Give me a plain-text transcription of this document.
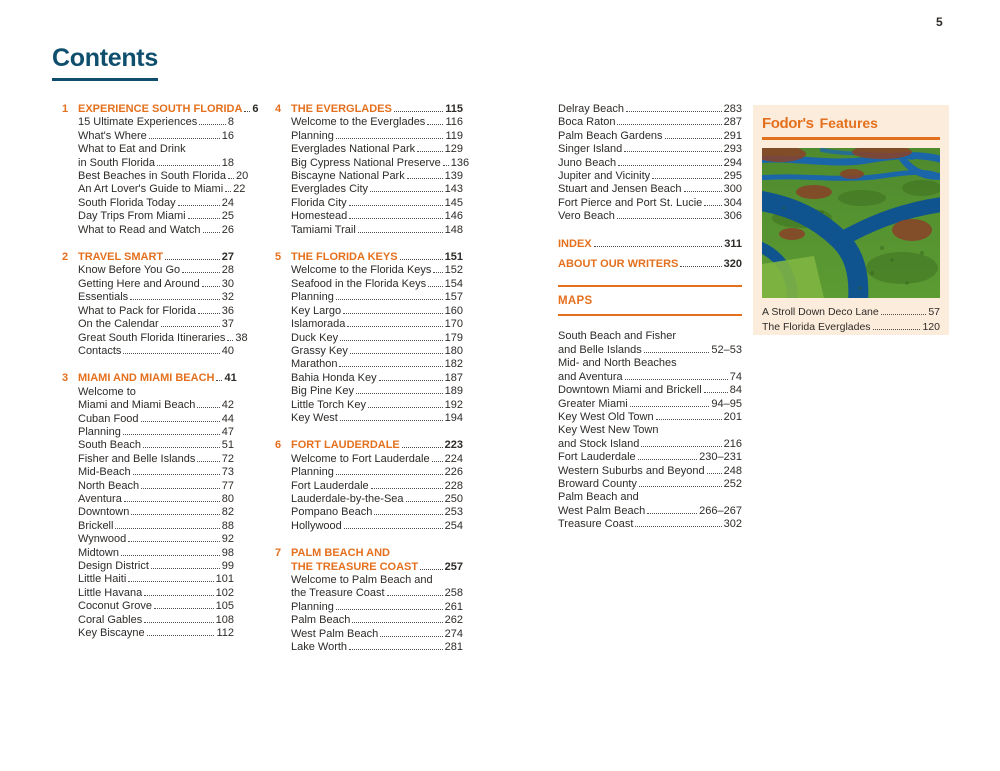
5
Contents
1 EXPERIENCE SOUTH FLORIDA 6
15 Ultimate Experiences	8
What's Where	16
What to Eat and Drink
in South Florida	18
Best Beaches in South Florida 20
An Art Lover's Guide to Miami 22
South Florida Today	24
Day Trips From Miami	25
What to Read and Watch 26
2 TRAVEL SMART	27
Know Before You Go	28
Getting Here and Around 30
Essentials	32
What to Pack for Florida 36
On the Calendar	37
Great South Florida Itineraries 38
Contacts	40
3 MIAMI AND MIAMI BEACH 41
Welcome to
Miami and Miami Beach 42
Cuban Food	44
Planning	47
South Beach	51
Fisher and Belle Islands 72
Mid-Beach	73
North Beach	77
Aventura	80
Downtown	82
Brickell	88
Wynwood	92
Midtown	98
Design District	99
Little Haiti	101
Little Havana	102
Coconut Grove	105
Coral Gables	108
Key Biscayne	112
4 THE EVERGLADES	115
Welcome to the Everglades 116
Planning	119
Everglades National Park	129
Big Cypress National Preserve 136
Biscayne National Park	139
Everglades City	143
Florida City	145
Homestead	146
Tamiami Trail	148
5 THE FLORIDA KEYS	151
Welcome to the Florida Keys 152
Seafood in the Florida Keys 154
Planning	157
Key Largo	160
Islamorada	170
Duck Key	179
Grassy Key	180
Marathon	182
Bahia Honda Key	187
Big Pine Key	189
Little Torch Key	192
Key West	194
6 FORT LAUDERDALE	223
Welcome to Fort Lauderdale 224
Planning	226
Fort Lauderdale	228
Lauderdale-by-the-Sea	250
Pompano Beach	253
Hollywood	254
7 PALM BEACH AND
THE TREASURE COAST 257
Welcome to Palm Beach and
the Treasure Coast	258
Planning	261
Palm Beach	262
West Palm Beach	274
Lake Worth	281
Delray Beach	283
Boca Raton	287
Palm Beach Gardens	291
Singer Island	293
Juno Beach	294
Jupiter and Vicinity	295
Stuart and Jensen Beach	300
Fort Pierce and Port St. Lucie 304
Vero Beach	306
INDEX	311
ABOUT OUR WRITERS	320
MAPS
South Beach and Fisher
and Belle Islands	52–53
Mid- and North Beaches
and Aventura	74
Downtown Miami and Brickell	84
Greater Miami	94–95
Key West Old Town	201
Key West New Town
and Stock Island	216
Fort Lauderdale	230–231
Western Suburbs and Beyond 248
Broward County	252
Palm Beach and
West Palm Beach	266–267
Treasure Coast	302
Fodor's Features
A Stroll Down Deco Lane	57
The Florida Everglades	120
